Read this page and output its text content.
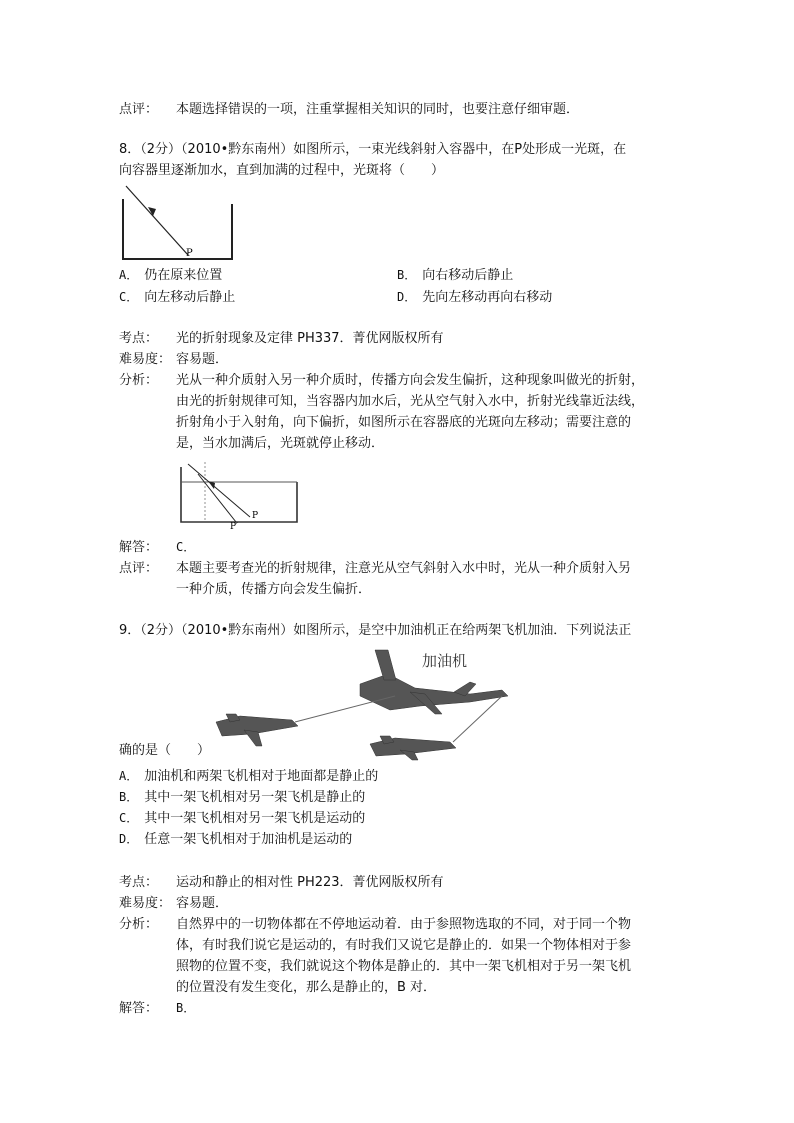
点评： 本题选择错误的一项，注重掌握相关知识的同时，也要注意仔细审题．
8．（2分）（2010•黔东南州）如图所示，一束光线斜射入容器中，在P处形成一光斑，在
向容器里逐渐加水，直到加满的过程中，光斑将（　　）
P
A． 仍在原来位置	B． 向右移动后静止
C． 向左移动后静止	D． 先向左移动再向右移动
考点： 光的折射现象及定律 PH337．菁优网版权所有
难易度： 容易题．
分析： 光从一种介质射入另一种介质时，传播方向会发生偏折，这种现象叫做光的折射，
由光的折射规律可知，当容器内加水后，光从空气射入水中，折射光线靠近法线，
折射角小于入射角，向下偏折，如图所示在容器底的光斑向左移动；需要注意的
是，当水加满后，光斑就停止移动．
P
P′
解答： C．
点评： 本题主要考查光的折射规律，注意光从空气斜射入水中时，光从一种介质射入另
一种介质，传播方向会发生偏折．
9．（2分）（2010•黔东南州）如图所示，是空中加油机正在给两架飞机加油．下列说法正
加油机
确的是（　　）
A． 加油机和两架飞机相对于地面都是静止的
B． 其中一架飞机相对另一架飞机是静止的
C． 其中一架飞机相对另一架飞机是运动的
D． 任意一架飞机相对于加油机是运动的
考点： 运动和静止的相对性 PH223．菁优网版权所有
难易度： 容易题．
分析： 自然界中的一切物体都在不停地运动着．由于参照物选取的不同，对于同一个物
体，有时我们说它是运动的，有时我们又说它是静止的．如果一个物体相对于参
照物的位置不变，我们就说这个物体是静止的．其中一架飞机相对于另一架飞机
的位置没有发生变化，那么是静止的，B 对．
解答： B．
